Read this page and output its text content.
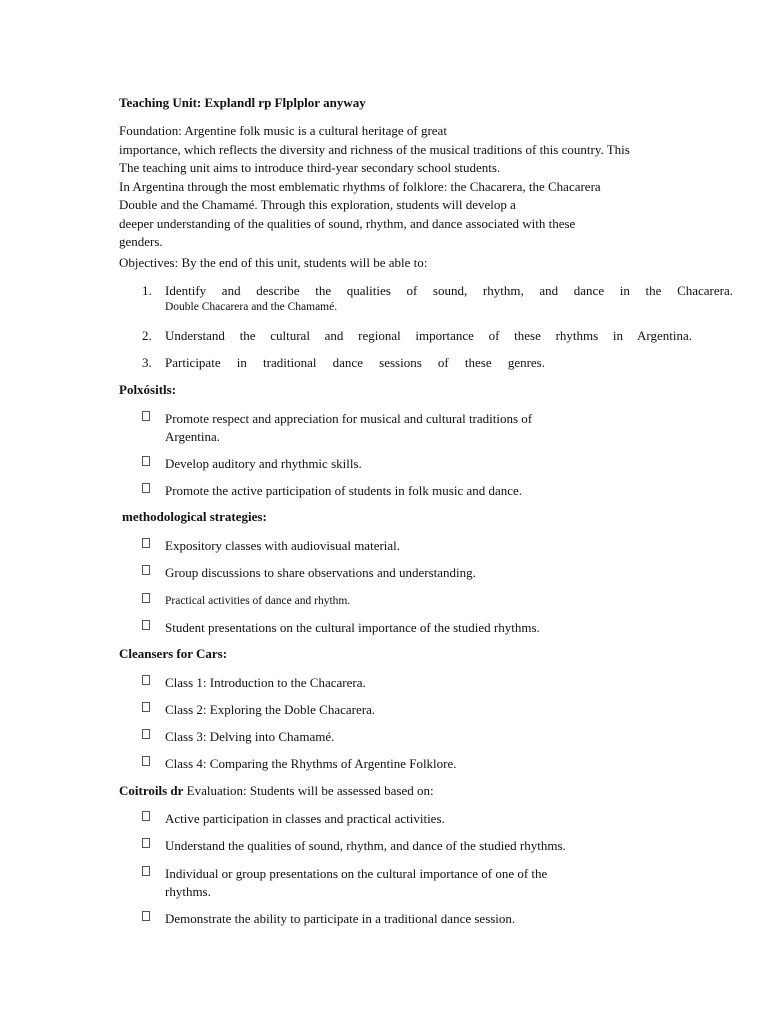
Teaching Unit: Explandl rp Flplplor anyway
Foundation: Argentine folk music is a cultural heritage of great
importance, which reflects the diversity and richness of the musical traditions of this country. This
The teaching unit aims to introduce third-year secondary school students.
In Argentina through the most emblematic rhythms of folklore: the Chacarera, the Chacarera
Double and the Chamamé. Through this exploration, students will develop a
deeper understanding of the qualities of sound, rhythm, and dance associated with these
genders.
Objectives: By the end of this unit, students will be able to:
1. Identify and describe the qualities of sound, rhythm, and dance in the Chacarera.
Double Chacarera and the Chamamé.
2. Understand the cultural and regional importance of these rhythms in Argentina.
3. Participate in traditional dance sessions of these genres.
Polxósitls:
Promote respect and appreciation for musical and cultural traditions of
Argentina.
Develop auditory and rhythmic skills.
Promote the active participation of students in folk music and dance.
methodological strategies:
Expository classes with audiovisual material.
Group discussions to share observations and understanding.
Practical activities of dance and rhythm.
Student presentations on the cultural importance of the studied rhythms.
Cleansers for Cars:
Class 1: Introduction to the Chacarera.
Class 2: Exploring the Doble Chacarera.
Class 3: Delving into Chamamé.
Class 4: Comparing the Rhythms of Argentine Folklore.
Coitroils dr Evaluation: Students will be assessed based on:
Active participation in classes and practical activities.
Understand the qualities of sound, rhythm, and dance of the studied rhythms.
Individual or group presentations on the cultural importance of one of the
rhythms.
Demonstrate the ability to participate in a traditional dance session.
